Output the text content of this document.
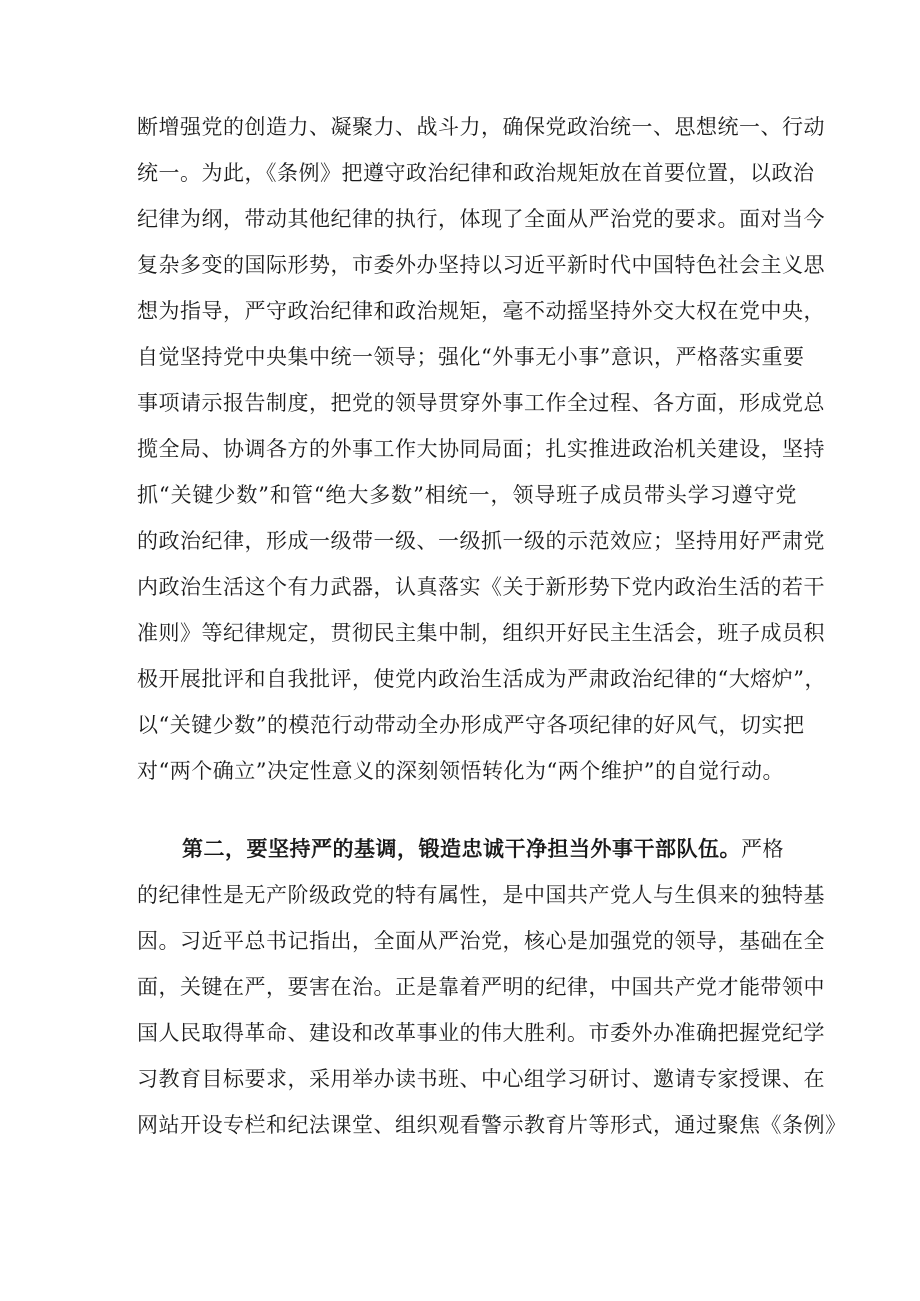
断增强党的创造力、凝聚力、战斗力，确保党政治统一、思想统一、行动
统一。为此，《条例》把遵守政治纪律和政治规矩放在首要位置，以政治
纪律为纲，带动其他纪律的执行，体现了全面从严治党的要求。面对当今
复杂多变的国际形势，市委外办坚持以习近平新时代中国特色社会主义思
想为指导，严守政治纪律和政治规矩，毫不动摇坚持外交大权在党中央，
自觉坚持党中央集中统一领导；强化“外事无小事”意识，严格落实重要
事项请示报告制度，把党的领导贯穿外事工作全过程、各方面，形成党总
揽全局、协调各方的外事工作大协同局面；扎实推进政治机关建设，坚持
抓“关键少数”和管“绝大多数”相统一，领导班子成员带头学习遵守党
的政治纪律，形成一级带一级、一级抓一级的示范效应；坚持用好严肃党
内政治生活这个有力武器，认真落实《关于新形势下党内政治生活的若干
准则》等纪律规定，贯彻民主集中制，组织开好民主生活会，班子成员积
极开展批评和自我批评，使党内政治生活成为严肃政治纪律的“大熔炉”，
以“关键少数”的模范行动带动全办形成严守各项纪律的好风气，切实把
对“两个确立”决定性意义的深刻领悟转化为“两个维护”的自觉行动。
第二，要坚持严的基调，锻造忠诚干净担当外事干部队伍。严格
的纪律性是无产阶级政党的特有属性，是中国共产党人与生俱来的独特基
因。习近平总书记指出，全面从严治党，核心是加强党的领导，基础在全
面，关键在严，要害在治。正是靠着严明的纪律，中国共产党才能带领中
国人民取得革命、建设和改革事业的伟大胜利。市委外办准确把握党纪学
习教育目标要求，采用举办读书班、中心组学习研讨、邀请专家授课、在
网站开设专栏和纪法课堂、组织观看警示教育片等形式，通过聚焦《条例》
